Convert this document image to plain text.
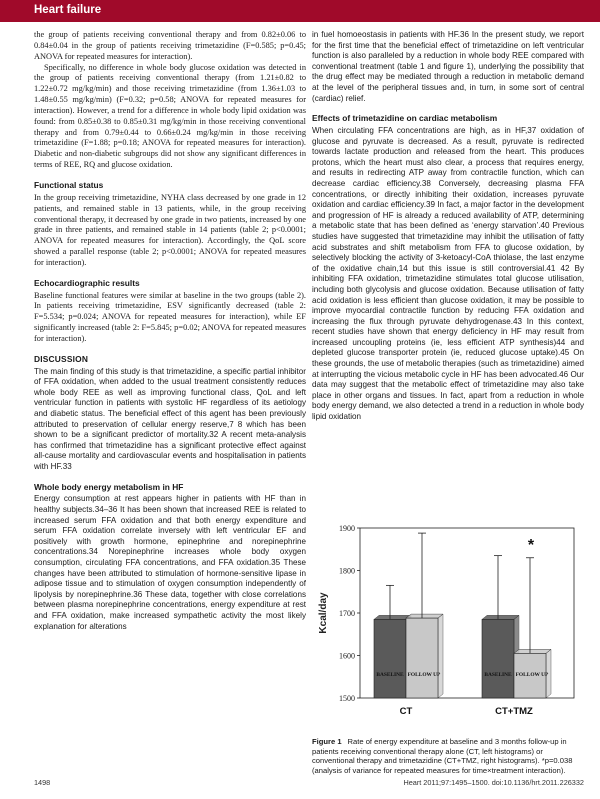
Heart failure

the group of patients receiving conventional therapy and from 0.82±0.06 to 0.84±0.04 in the group of patients receiving trimetazidine (F=0.585; p=0.45; ANOVA for repeated measures for interaction).

Specifically, no difference in whole body glucose oxidation was detected in the group of patients receiving conventional therapy (from 1.21±0.82 to 1.22±0.72 mg/kg/min) and those receiving trimetazidine (from 1.36±1.03 to 1.48±0.55 mg/kg/min) (F=0.32; p=0.58; ANOVA for repeated measures for interaction). However, a trend for a difference in whole body lipid oxidation was found: from 0.85±0.38 to 0.85±0.31 mg/kg/min in those receiving conventional therapy and from 0.79±0.44 to 0.66±0.24 mg/kg/min in those receiving trimetazidine (F=1.88; p=0.18; ANOVA for repeated measures for interaction). Diabetic and non-diabetic subgroups did not show any significant differences in terms of REE, RQ and glucose oxidation.

Functional status

In the group receiving trimetazidine, NYHA class decreased by one grade in 12 patients, and remained stable in 13 patients, while, in the group receiving conventional therapy, it decreased by one grade in two patients, increased by one grade in three patients, and remained stable in 14 patients (table 2; p<0.0001; ANOVA for repeated measures for interaction). Accordingly, the QoL score showed a parallel response (table 2; p<0.0001; ANOVA for repeated measures for interaction).

Echocardiographic results

Baseline functional features were similar at baseline in the two groups (table 2). In patients receiving trimetazidine, ESV significantly decreased (table 2: F=5.534; p=0.024; ANOVA for repeated measures for interaction), while EF significantly increased (table 2: F=5.845; p=0.02; ANOVA for repeated measures for interaction).

DISCUSSION

The main finding of this study is that trimetazidine, a specific partial inhibitor of FFA oxidation, when added to the usual treatment consistently reduces whole body REE as well as improving functional class, QoL and left ventricular function in patients with systolic HF regardless of its aetiology and diabetic status. The beneficial effect of this agent has been previously attributed to preservation of cellular energy reserve,7 8 which has been shown to be a significant predictor of mortality.32 A recent meta-analysis has confirmed that trimetazidine has a significant protective effect against all-cause mortality and cardiovascular events and hospitalisation in patients with HF.33

Whole body energy metabolism in HF

Energy consumption at rest appears higher in patients with HF than in healthy subjects.34–36 It has been shown that increased REE is related to increased serum FFA oxidation and that both energy expenditure and serum FFA oxidation correlate inversely with left ventricular EF and positively with growth hormone, epinephrine and norepinephrine concentrations.34 Norepinephrine increases whole body oxygen consumption, circulating FFA concentrations, and FFA oxidation.35 These changes have been attributed to stimulation of hormone-sensitive lipase in adipose tissue and to stimulation of oxygen consumption independently of lipolysis by norepinephrine.36 These data, together with close correlations between plasma norepinephrine concentrations, energy expenditure at rest and FFA oxidation, make increased sympathetic activity the most likely explanation for alterations

in fuel homoeostasis in patients with HF.36 In the present study, we report for the first time that the beneficial effect of trimetazidine on left ventricular function is also paralleled by a reduction in whole body REE compared with conventional treatment (table 1 and figure 1), underlying the possibility that the drug effect may be mediated through a reduction in metabolic demand at the level of the peripheral tissues and, in turn, in some sort of central (cardiac) relief.

Effects of trimetazidine on cardiac metabolism

When circulating FFA concentrations are high, as in HF,37 oxidation of glucose and pyruvate is decreased. As a result, pyruvate is redirected towards lactate production and released from the heart. This produces protons, which the heart must also clear, a process that requires energy, and results in redirecting ATP away from contractile function, which can decrease cardiac efficiency.38 Conversely, decreasing plasma FFA concentrations, or directly inhibiting their oxidation, increases pyruvate oxidation and cardiac efficiency.39 In fact, a major factor in the development and progression of HF is already a reduced availability of ATP, determining a metabolic state that has been defined as ‘energy starvation’.40 Previous studies have suggested that trimetazidine may inhibit the utilisation of fatty acid substrates and shift metabolism from FFA to glucose oxidation, by selectively blocking the activity of 3-ketoacyl-CoA thiolase, the last enzyme of the oxidative chain,14 but this issue is still controversial.41 42 By inhibiting FFA oxidation, trimetazidine stimulates total glucose utilisation, including both glycolysis and glucose oxidation. Because utilisation of fatty acid oxidation is less efficient than glucose oxidation, it may be possible to improve myocardial contractile function by reducing FFA oxidation and increasing the flux through pyruvate dehydrogenase.43 In this context, recent studies have shown that energy deficiency in HF may result from increased uncoupling proteins (ie, less efficient ATP synthesis)44 and depleted glucose transporter protein (ie, reduced glucose uptake).45 On these grounds, the use of metabolic therapies (such as trimetazidine) aimed at interrupting the vicious metabolic cycle in HF has been advocated.46 Our data may suggest that the metabolic effect of trimetazidine may also take place in other organs and tissues. In fact, apart from a reduction in whole body energy demand, we also detected a trend in a reduction in whole body lipid oxidation

1500
1600
1700
1800
1900
Kcal/day
BASELINE FOLLOW UP	BASELINE FOLLOW UP
CT	CT+TMZ
*
Figure 1 Rate of energy expenditure at baseline and 3 months follow-up in patients receiving conventional therapy alone (CT, left histograms) or conventional therapy and trimetazidine (CT+TMZ, right histograms). *p=0.038 (analysis of variance for repeated measures for time×treatment interaction).
1498	Heart 2011;97:1495–1500. doi:10.1136/hrt.2011.226332
